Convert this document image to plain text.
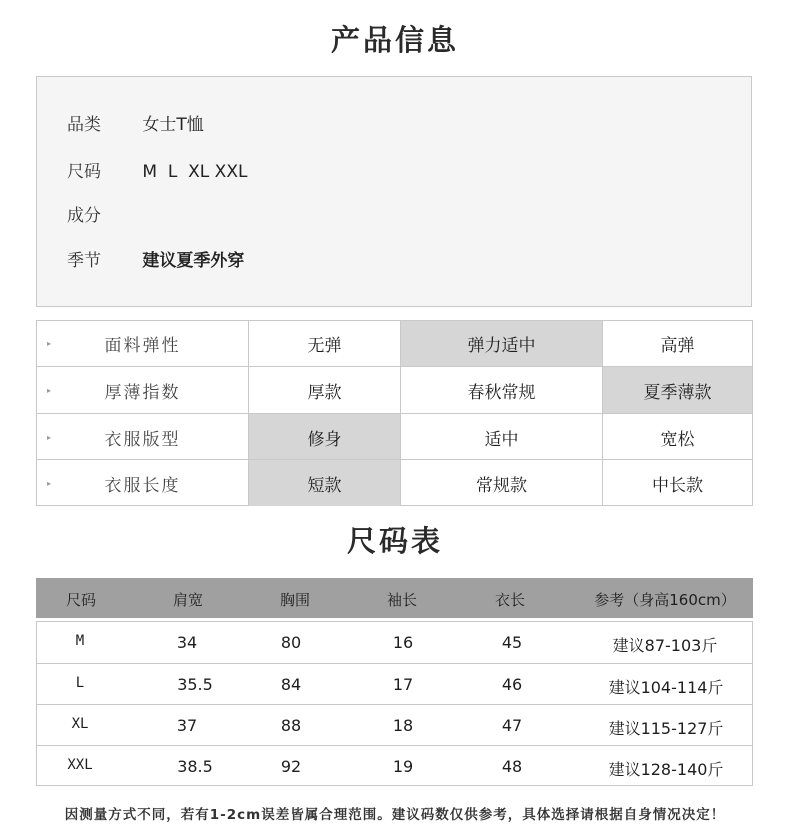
产品信息
品类 女士T恤
尺码 M  L  XL XXL
成分
季节 建议夏季外穿
▸	面料弹性	无弹	弹力适中	高弹
▸	厚薄指数	厚款	春秋常规	夏季薄款
▸	衣服版型	修身	适中	宽松
▸	衣服长度	短款	常规款	中长款
尺码表
尺码	肩宽	胸围	袖长	衣长	参考（身高160cm）
M	34	80	16	45	建议87-103斤
L	35.5	84	17	46	建议104-114斤
XL	37	88	18	47	建议115-127斤
XXL	38.5	92	19	48	建议128-140斤
因测量方式不同，若有1-2cm误差皆属合理范围。建议码数仅供参考，具体选择请根据自身情况决定！
